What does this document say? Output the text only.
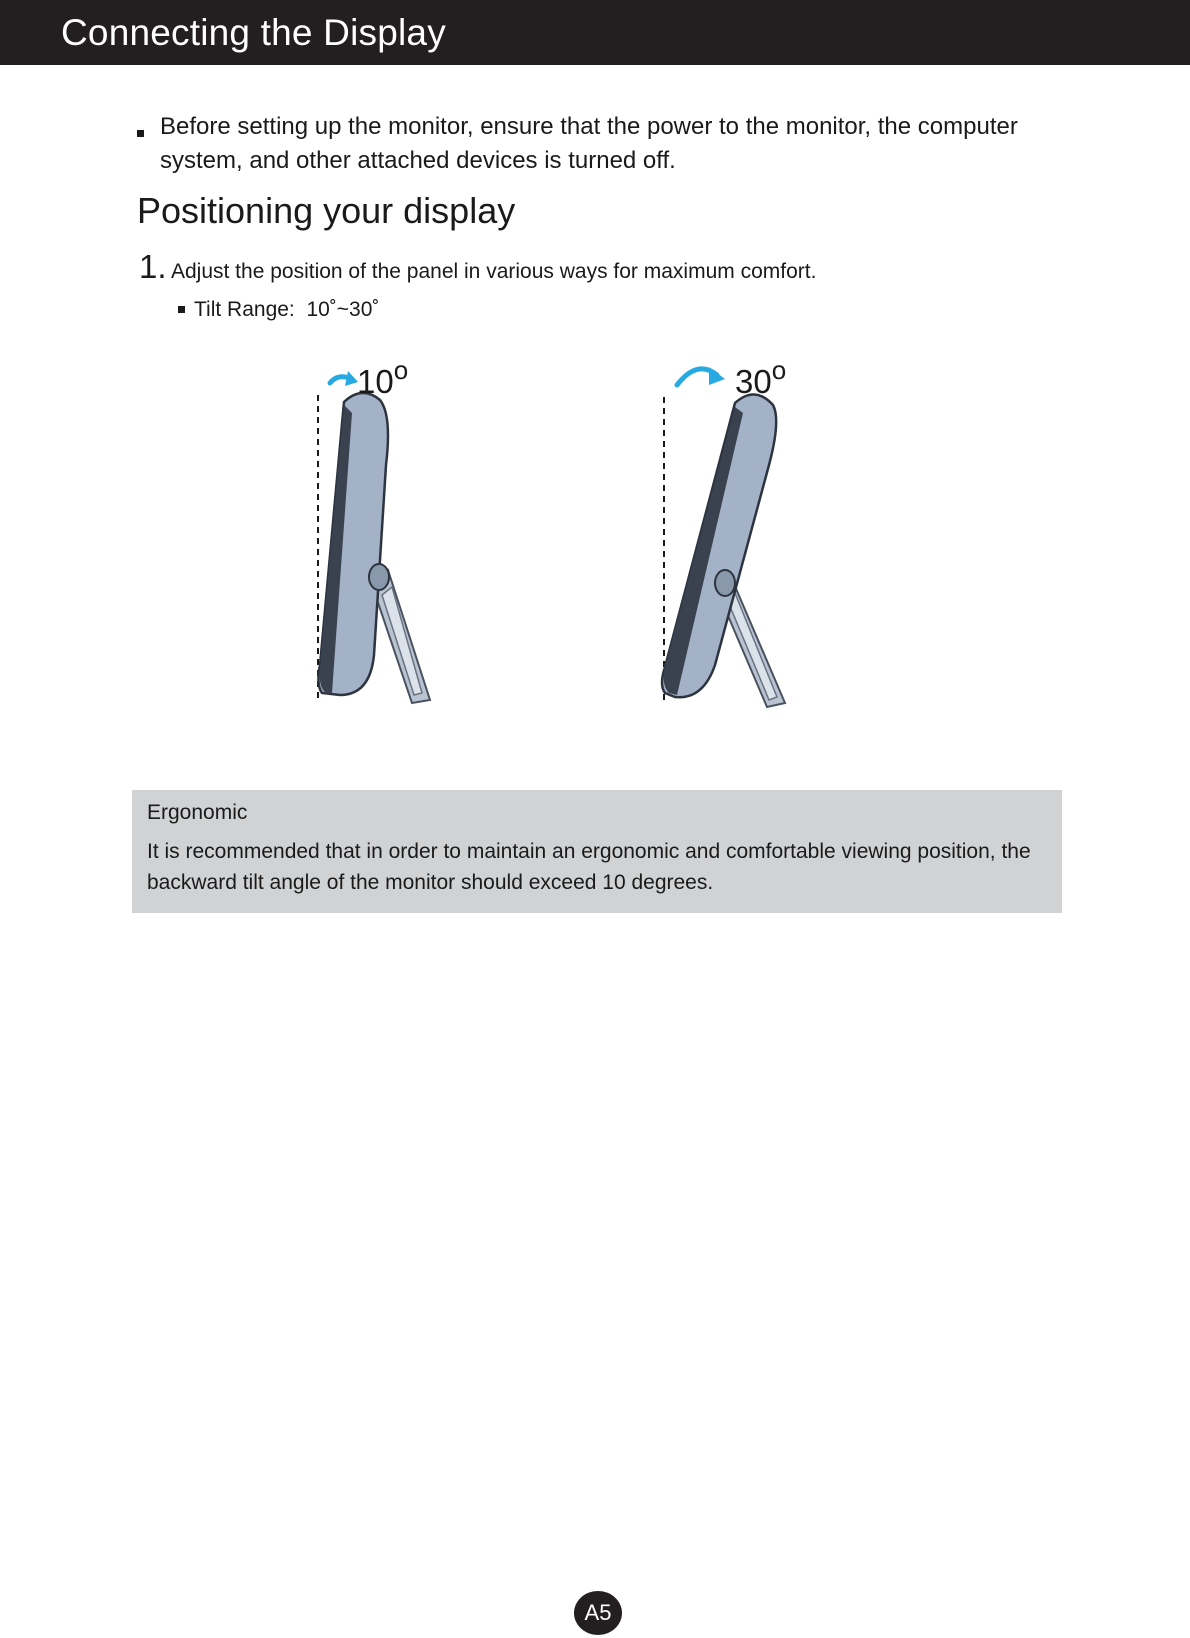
Connecting the Display
Before setting up the monitor, ensure that the power to the monitor, the computer system, and other attached devices is turned off.
Positioning your display
1. Adjust the position of the panel in various ways for maximum comfort.
Tilt Range: 10˚~30˚
10$^o$	30$^o$
Ergonomic
It is recommended that in order to maintain an ergonomic and comfortable viewing position, the backward tilt angle of the monitor should exceed 10 degrees.
A5
